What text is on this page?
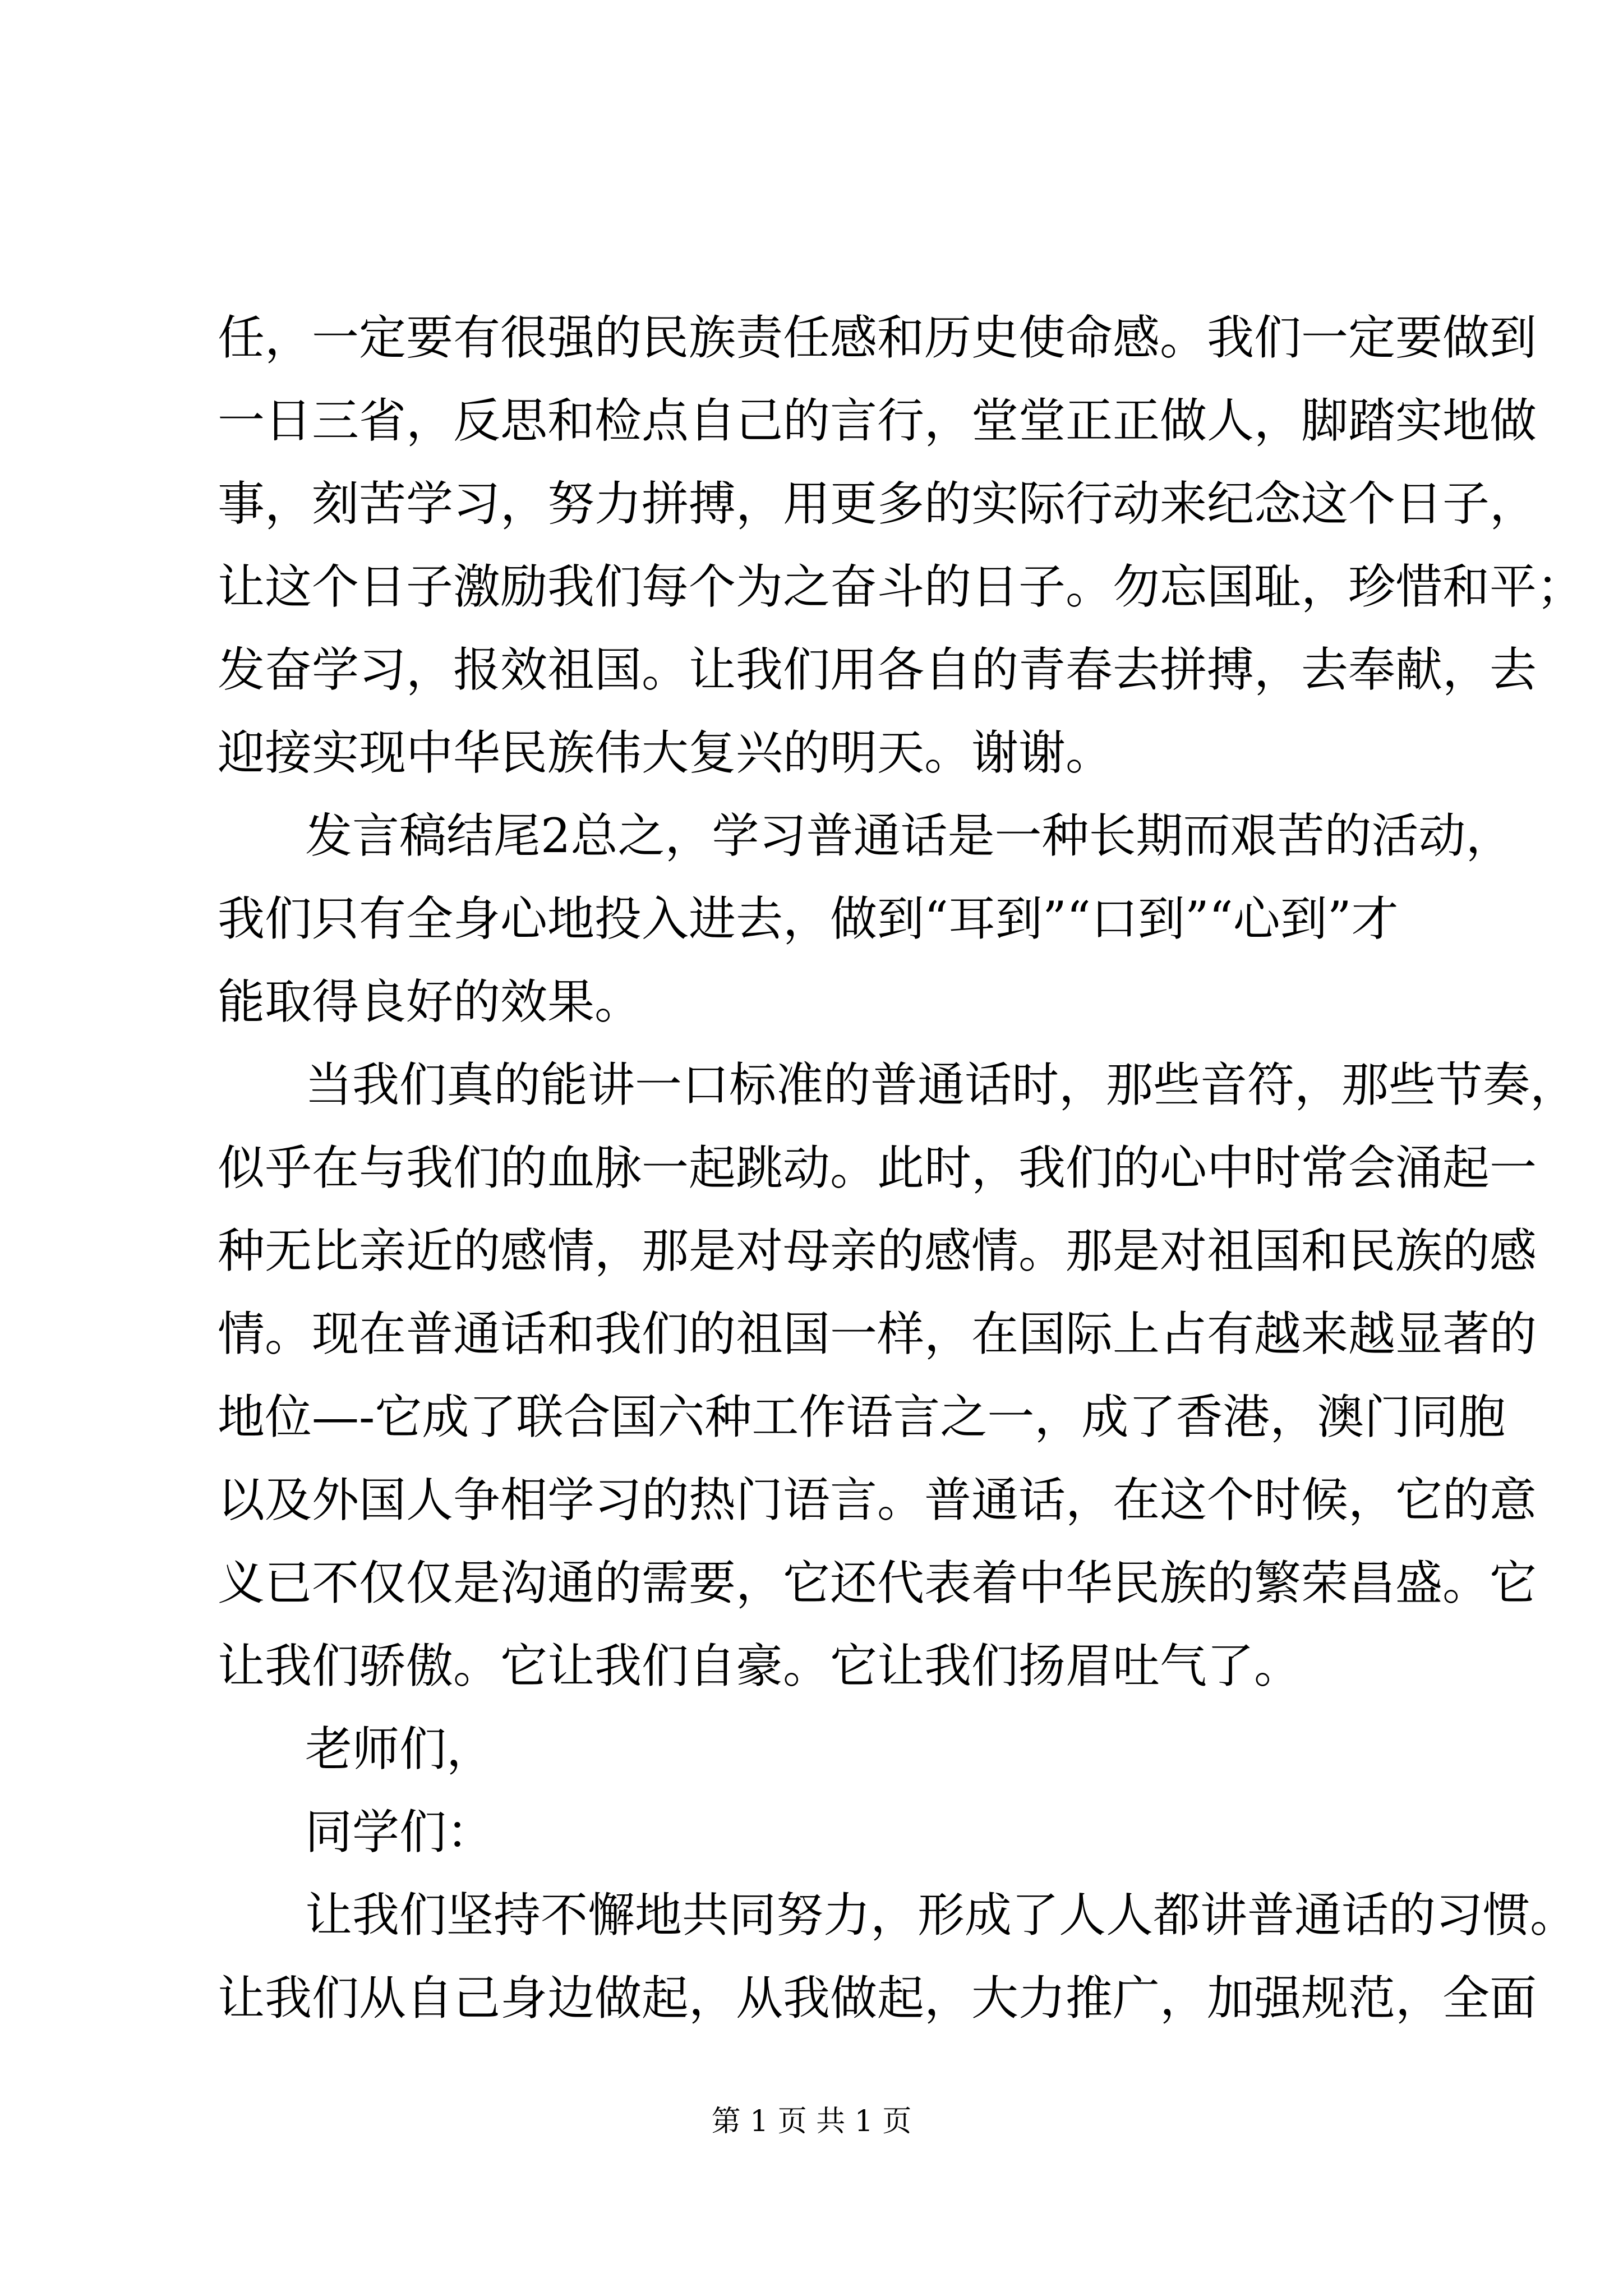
任，一定要有很强的民族责任感和历史使命感。我们一定要做到
一日三省，反思和检点自己的言行，堂堂正正做人，脚踏实地做
事，刻苦学习，努力拼搏，用更多的实际行动来纪念这个日子，
让这个日子激励我们每个为之奋斗的日子。勿忘国耻，珍惜和平；
发奋学习，报效祖国。让我们用各自的青春去拼搏，去奉献，去
迎接实现中华民族伟大复兴的明天。谢谢。

发言稿结尾2总之，学习普通话是一种长期而艰苦的活动，
我们只有全身心地投入进去，做到“耳到”“口到”“心到”才
能取得良好的效果。

当我们真的能讲一口标准的普通话时，那些音符，那些节奏，
似乎在与我们的血脉一起跳动。此时，我们的心中时常会涌起一
种无比亲近的感情，那是对母亲的感情。那是对祖国和民族的感
情。现在普通话和我们的祖国一样，在国际上占有越来越显著的
地位—-它成了联合国六种工作语言之一，成了香港，澳门同胞
以及外国人争相学习的热门语言。普通话，在这个时候，它的意
义已不仅仅是沟通的需要，它还代表着中华民族的繁荣昌盛。它
让我们骄傲。它让我们自豪。它让我们扬眉吐气了。

老师们，

同学们：

让我们坚持不懈地共同努力，形成了人人都讲普通话的习惯。
让我们从自己身边做起，从我做起，大力推广，加强规范，全面

第 1 页 共 1 页
